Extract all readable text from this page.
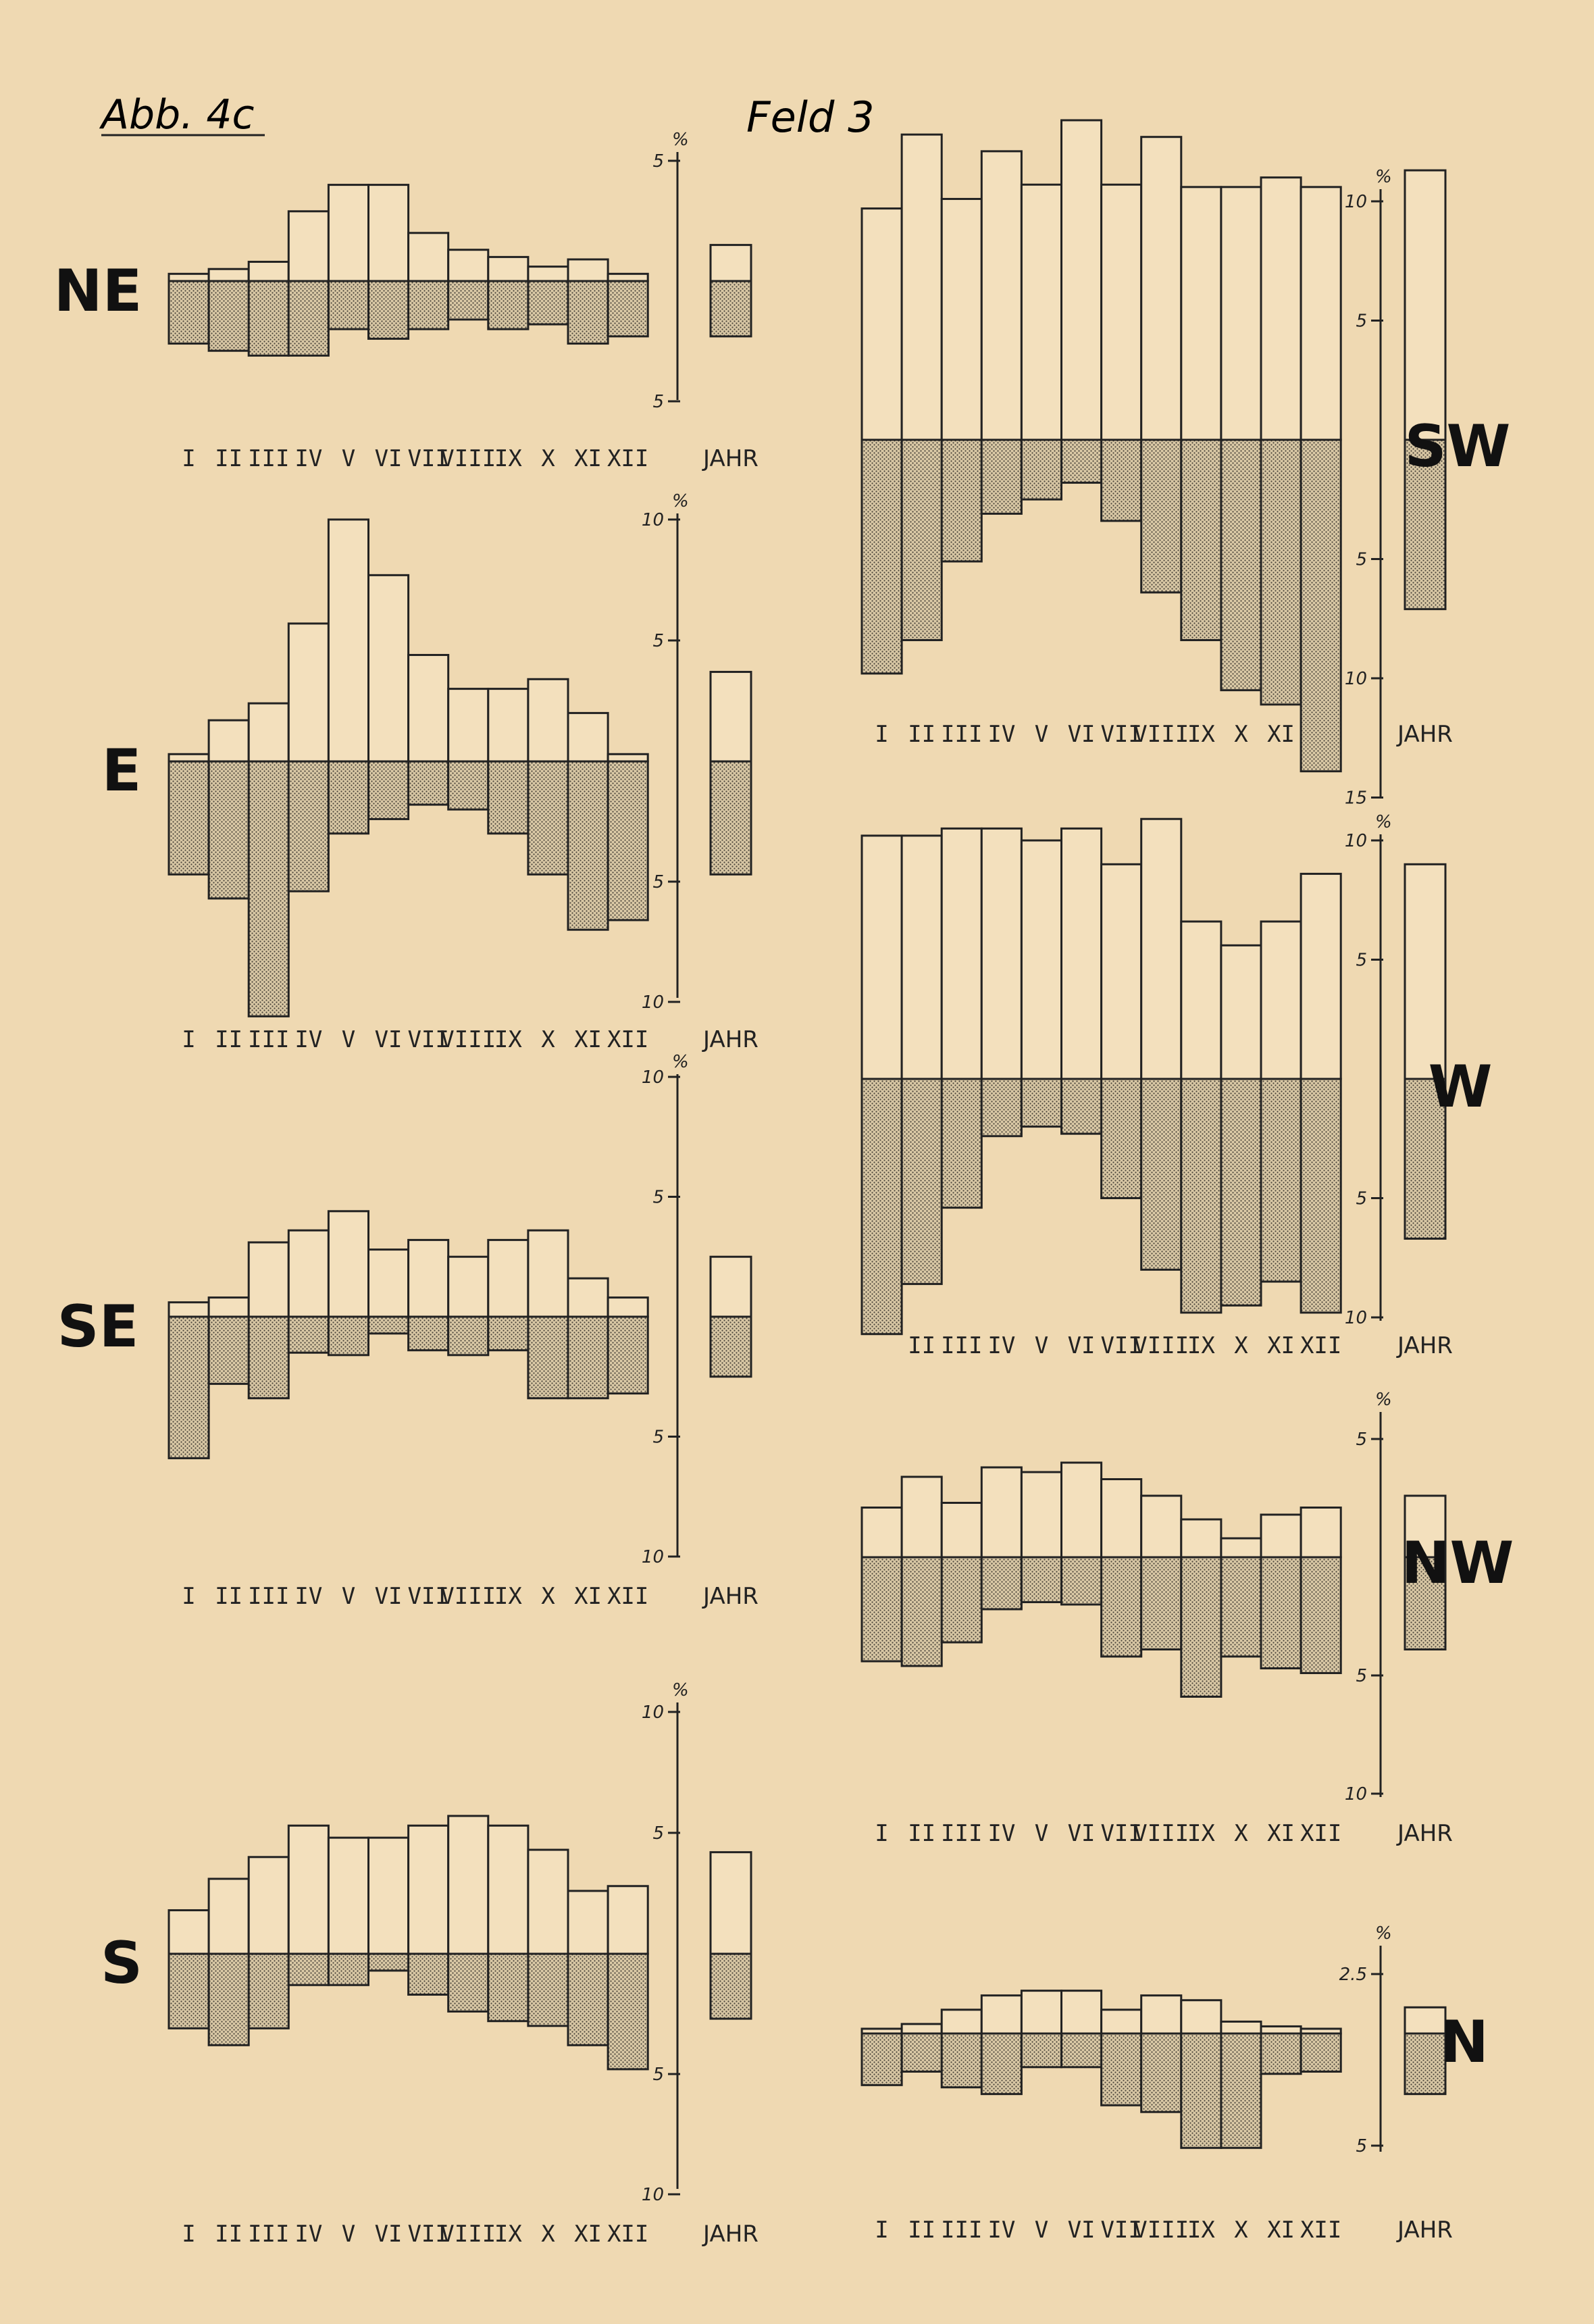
Abb. 4c	Feld 3
%
5
5
NE
I II III IV V VI VII
VIII
IX X XI XII JAHR
%
5
10
5
10
E
I II III IV V VI VII
VIII
IX X XI XII JAHR
%
5
10
5
10
SE
I II III IV V VI VII
VIII
IX X XI XII JAHR
%
5
10
5
10
S
I II III IV V VI VII
VIII
IX X XI XII JAHR
%
5
10
5
10
15
SW
I II III IV V VI VII
VIII
IX X XI	JAHR
%
5
10
5
10
W
II III IV V VI VII
VIII
IX X XI XII JAHR
%
5
5
10
NW
I II III IV V VI VII
VIII
IX X XI XII JAHR
%
2.5
5
N
I II III IV V VI VII
VIII
IX X XI XII JAHR
